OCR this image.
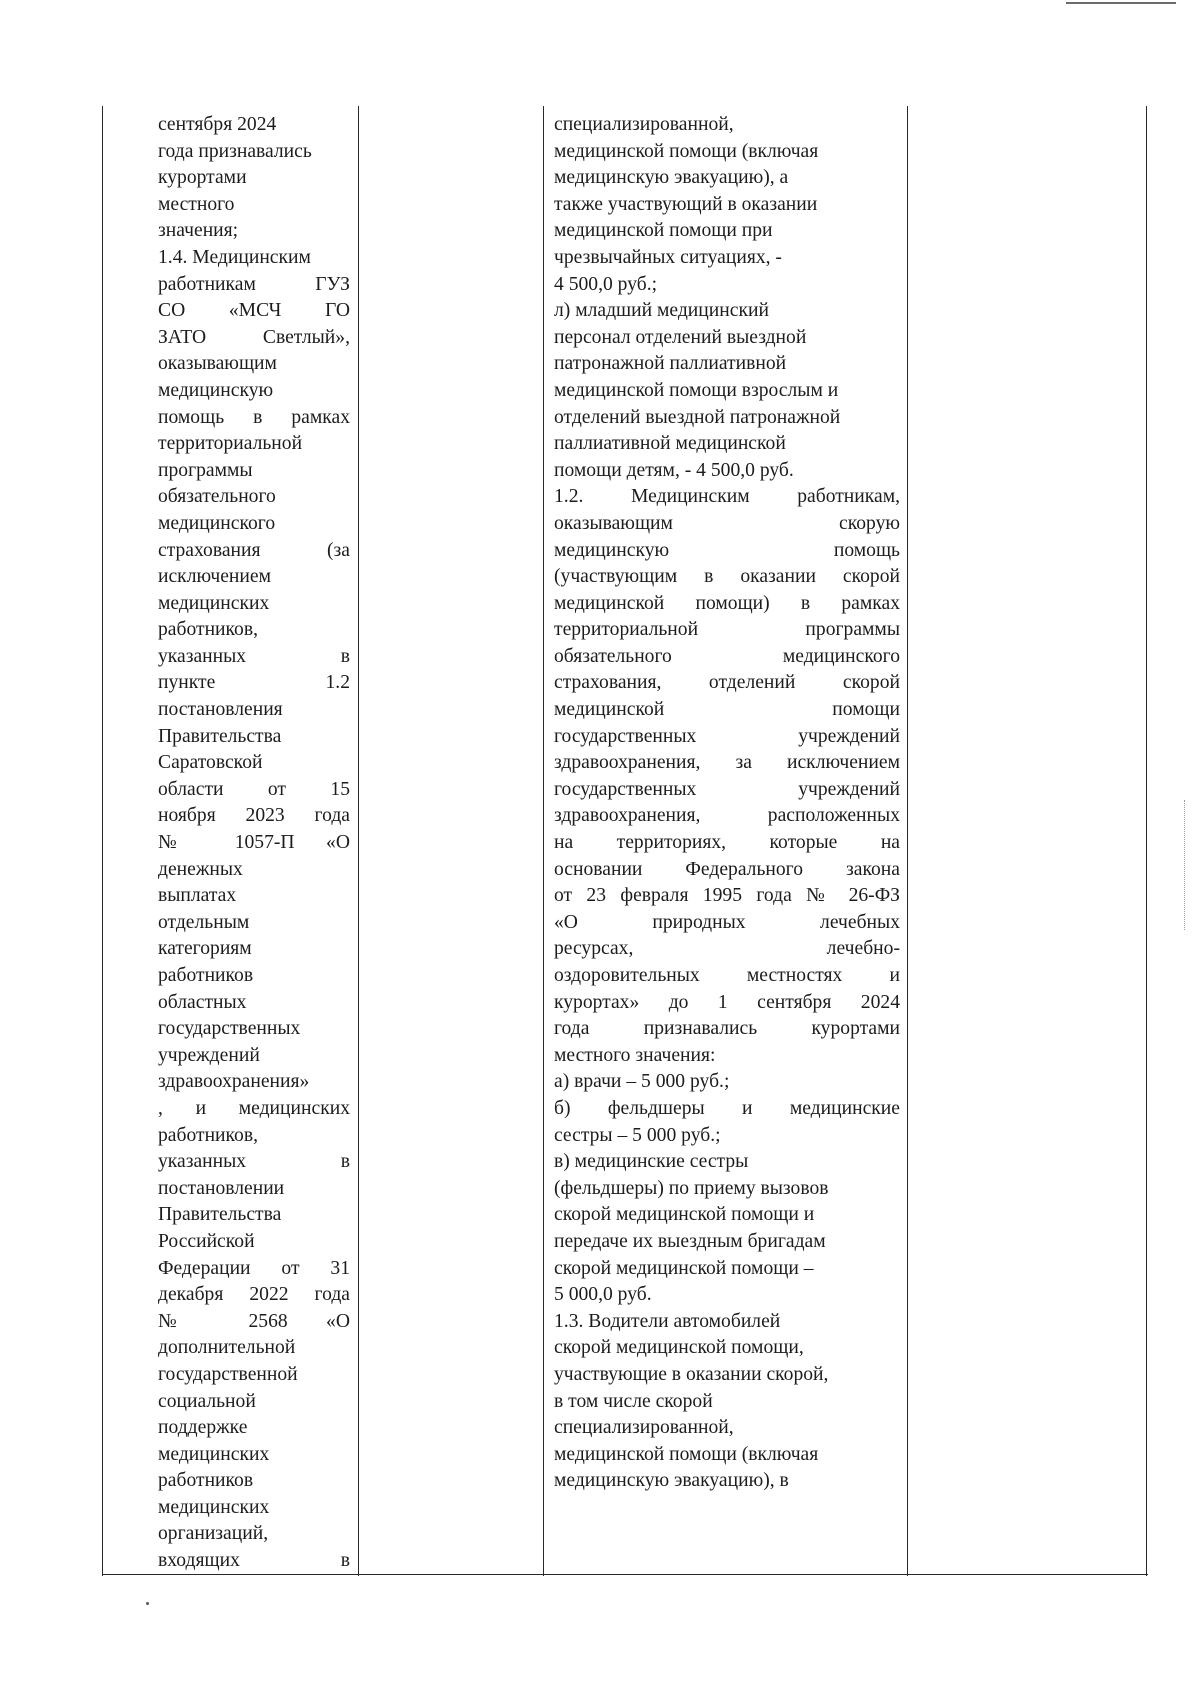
сентября 2024
года признавались
курортами
местного
значения;
1.4. Медицинским
работникам ГУЗ
СО «МСЧ ГО
ЗАТО Светлый»,
оказывающим
медицинскую
помощь в рамках
территориальной
программы
обязательного
медицинского
страхования (за
исключением
медицинских
работников,
указанных в
пункте 1.2
постановления
Правительства
Саратовской
области от 15
ноября 2023 года
№ 1057-П «О
денежных
выплатах
отдельным
категориям
работников
областных
государственных
учреждений
здравоохранения»
, и медицинских
работников,
указанных в
постановлении
Правительства
Российской
Федерации от 31
декабря 2022 года
№ 2568 «О
дополнительной
государственной
социальной
поддержке
медицинских
работников
медицинских
организаций,
входящих в
специализированной,
медицинской помощи (включая
медицинскую эвакуацию), а
также участвующий в оказании
медицинской помощи при
чрезвычайных ситуациях, -
4 500,0 руб.;
л) младший медицинский
персонал отделений выездной
патронажной паллиативной
медицинской помощи взрослым и
отделений выездной патронажной
паллиативной медицинской
помощи детям, - 4 500,0 руб.
1.2. Медицинским работникам,
оказывающим скорую
медицинскую помощь
(участвующим в оказании скорой
медицинской помощи) в рамках
территориальной программы
обязательного медицинского
страхования, отделений скорой
медицинской помощи
государственных учреждений
здравоохранения, за исключением
государственных учреждений
здравоохранения, расположенных
на территориях, которые на
основании Федерального закона
от 23 февраля 1995 года № 26-ФЗ
«О природных лечебных
ресурсах, лечебно-
оздоровительных местностях и
курортах» до 1 сентября 2024
года признавались курортами
местного значения:
а) врачи – 5 000 руб.;
б) фельдшеры и медицинские
сестры – 5 000 руб.;
в) медицинские сестры
(фельдшеры) по приему вызовов
скорой медицинской помощи и
передаче их выездным бригадам
скорой медицинской помощи –
5 000,0 руб.
1.3. Водители автомобилей
скорой медицинской помощи,
участвующие в оказании скорой,
в том числе скорой
специализированной,
медицинской помощи (включая
медицинскую эвакуацию), в
